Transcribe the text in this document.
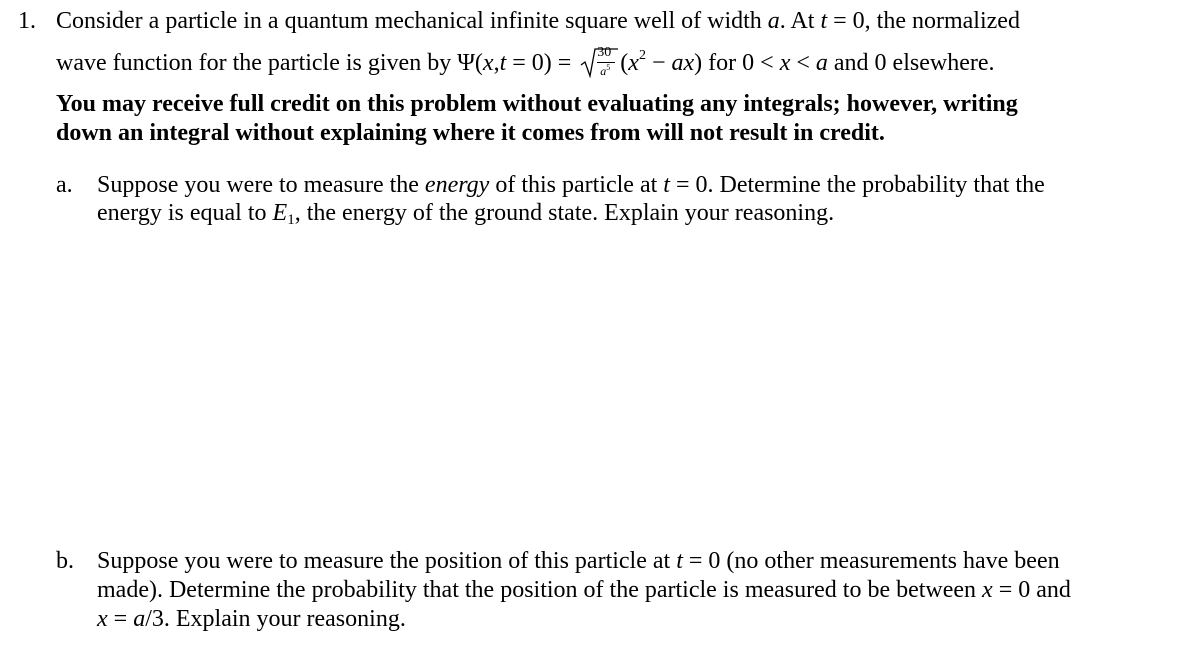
1. Consider a particle in a quantum mechanical infinite square well of width a. At t = 0, the normalized
wave function for the particle is given by $\Psi(x,t = 0) = \frac{30}{a^5} (x^2 - ax)$ for 0 < x < a and 0 elsewhere.
You may receive full credit on this problem without evaluating any integrals; however, writing
down an integral without explaining where it comes from will not result in credit.
a. Suppose you were to measure the energy of this particle at t = 0. Determine the probability that the
energy is equal to $E_1$, the energy of the ground state. Explain your reasoning.
b. Suppose you were to measure the position of this particle at t = 0 (no other measurements have been
made). Determine the probability that the position of the particle is measured to be between x = 0 and
x = a/3. Explain your reasoning.
